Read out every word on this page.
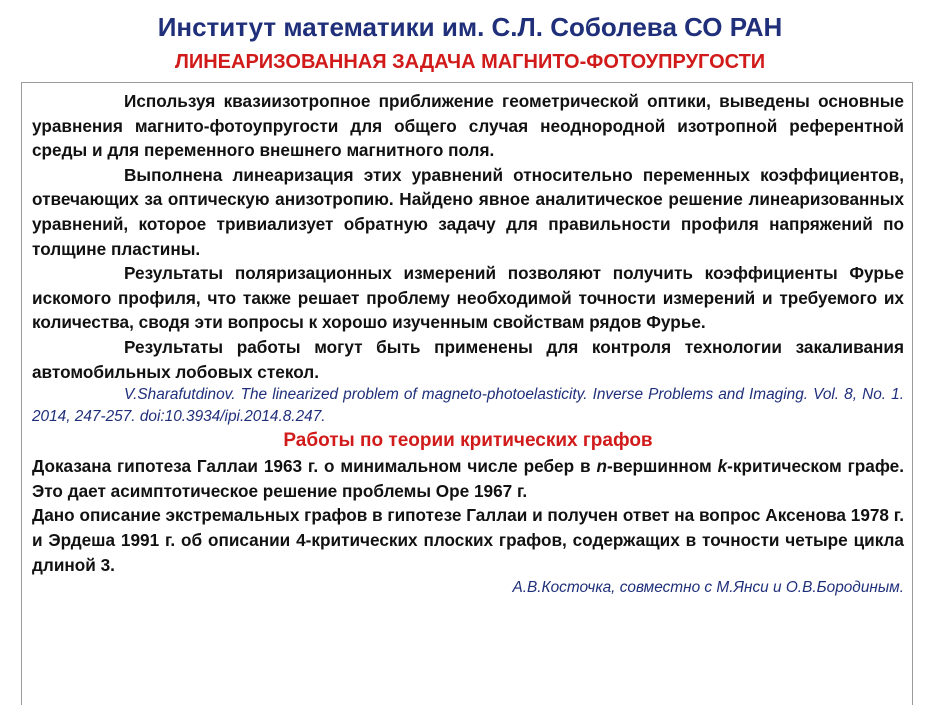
Институт математики им. С.Л. Соболева СО РАН
ЛИНЕАРИЗОВАННАЯ ЗАДАЧА МАГНИТО-ФОТОУПРУГОСТИ

Используя квазиизотропное приближение геометрической оптики, выведены основные уравнения магнито-фотоупругости для общего случая неоднородной изотропной референтной среды и для переменного внешнего магнитного поля.

Выполнена линеаризация этих уравнений относительно переменных коэффициентов, отвечающих за оптическую анизотропию. Найдено явное аналитическое решение линеаризованных уравнений, которое тривиализует обратную задачу для правильности профиля напряжений по толщине пластины.

Результаты поляризационных измерений позволяют получить коэффициенты Фурье искомого профиля, что также решает проблему необходимой точности измерений и требуемого их количества, сводя эти вопросы к хорошо изученным свойствам рядов Фурье.

Результаты работы могут быть применены для контроля технологии закаливания автомобильных лобовых стекол.

V.Sharafutdinov. The linearized problem of magneto-photoelasticity. Inverse Problems and Imaging. Vol. 8, No. 1. 2014, 247-257. doi:10.3934/ipi.2014.8.247.

Работы по теории критических графов

Доказана гипотеза Галлаи 1963 г. о минимальном числе ребер в n-вершинном k-критическом графе. Это дает асимптотическое решение проблемы Оре 1967 г.

Дано описание экстремальных графов в гипотезе Галлаи и получен ответ на вопрос Аксенова 1978 г. и Эрдеша 1991 г. об описании 4-критических плоских графов, содержащих в точности четыре цикла длиной 3.

А.В.Косточка, совместно с М.Янси и О.В.Бородиным.
